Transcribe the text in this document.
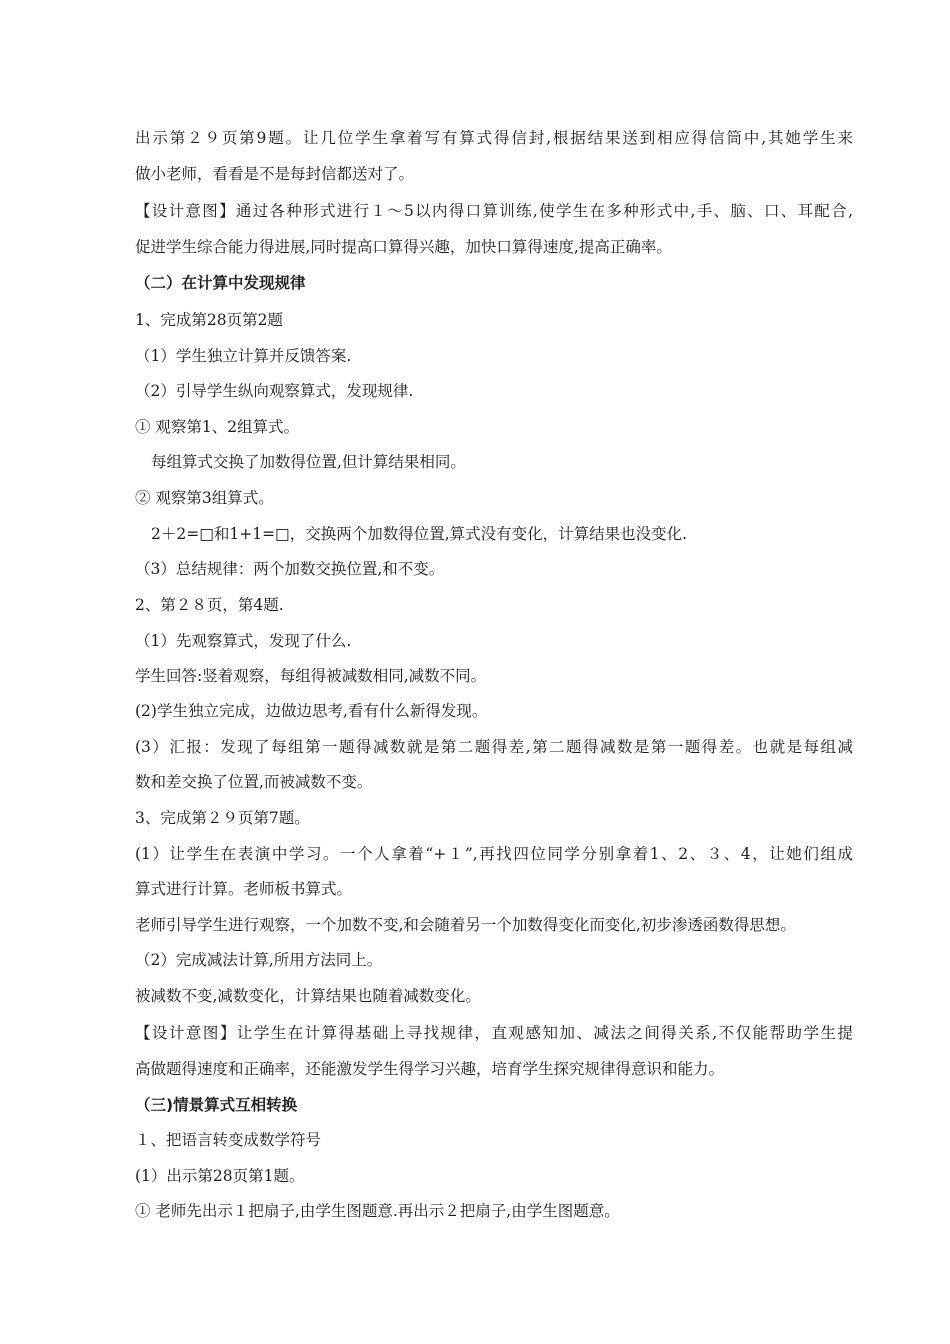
出示第２９页第9题。让几位学生拿着写有算式得信封,根据结果送到相应得信筒中,其她学生来
做小老师，看看是不是每封信都送对了。
【设计意图】通过各种形式进行１～5以内得口算训练,使学生在多种形式中,手、脑、口、耳配合,
促进学生综合能力得进展,同时提高口算得兴趣，加快口算得速度,提高正确率。
（二）在计算中发现规律
1、完成第28页第2题
（1）学生独立计算并反馈答案.
（2）引导学生纵向观察算式，发现规律.
① 观察第1、2组算式。
每组算式交换了加数得位置,但计算结果相同。
② 观察第3组算式。
2＋2=□和1+1=□，交换两个加数得位置,算式没有变化，计算结果也没变化.
（3）总结规律：两个加数交换位置,和不变。
2、第２８页，第4题.
（1）先观察算式，发现了什么.
学生回答:竖着观察，每组得被减数相同,减数不同。
(2)学生独立完成，边做边思考,看有什么新得发现。
(3）汇报：发现了每组第一题得减数就是第二题得差,第二题得减数是第一题得差。也就是每组减
数和差交换了位置,而被减数不变。
3、完成第２９页第7题。
(1）让学生在表演中学习。一个人拿着“+１”,再找四位同学分别拿着1、2、３、4，让她们组成
算式进行计算。老师板书算式。
老师引导学生进行观察，一个加数不变,和会随着另一个加数得变化而变化,初步渗透函数得思想。
（2）完成减法计算,所用方法同上。
被减数不变,减数变化，计算结果也随着减数变化。
【设计意图】让学生在计算得基础上寻找规律，直观感知加、减法之间得关系,不仅能帮助学生提
高做题得速度和正确率，还能激发学生得学习兴趣，培育学生探究规律得意识和能力。
（三)情景算式互相转换
１、把语言转变成数学符号
(1）出示第28页第1题。
① 老师先出示１把扇子,由学生图题意.再出示２把扇子,由学生图题意。
